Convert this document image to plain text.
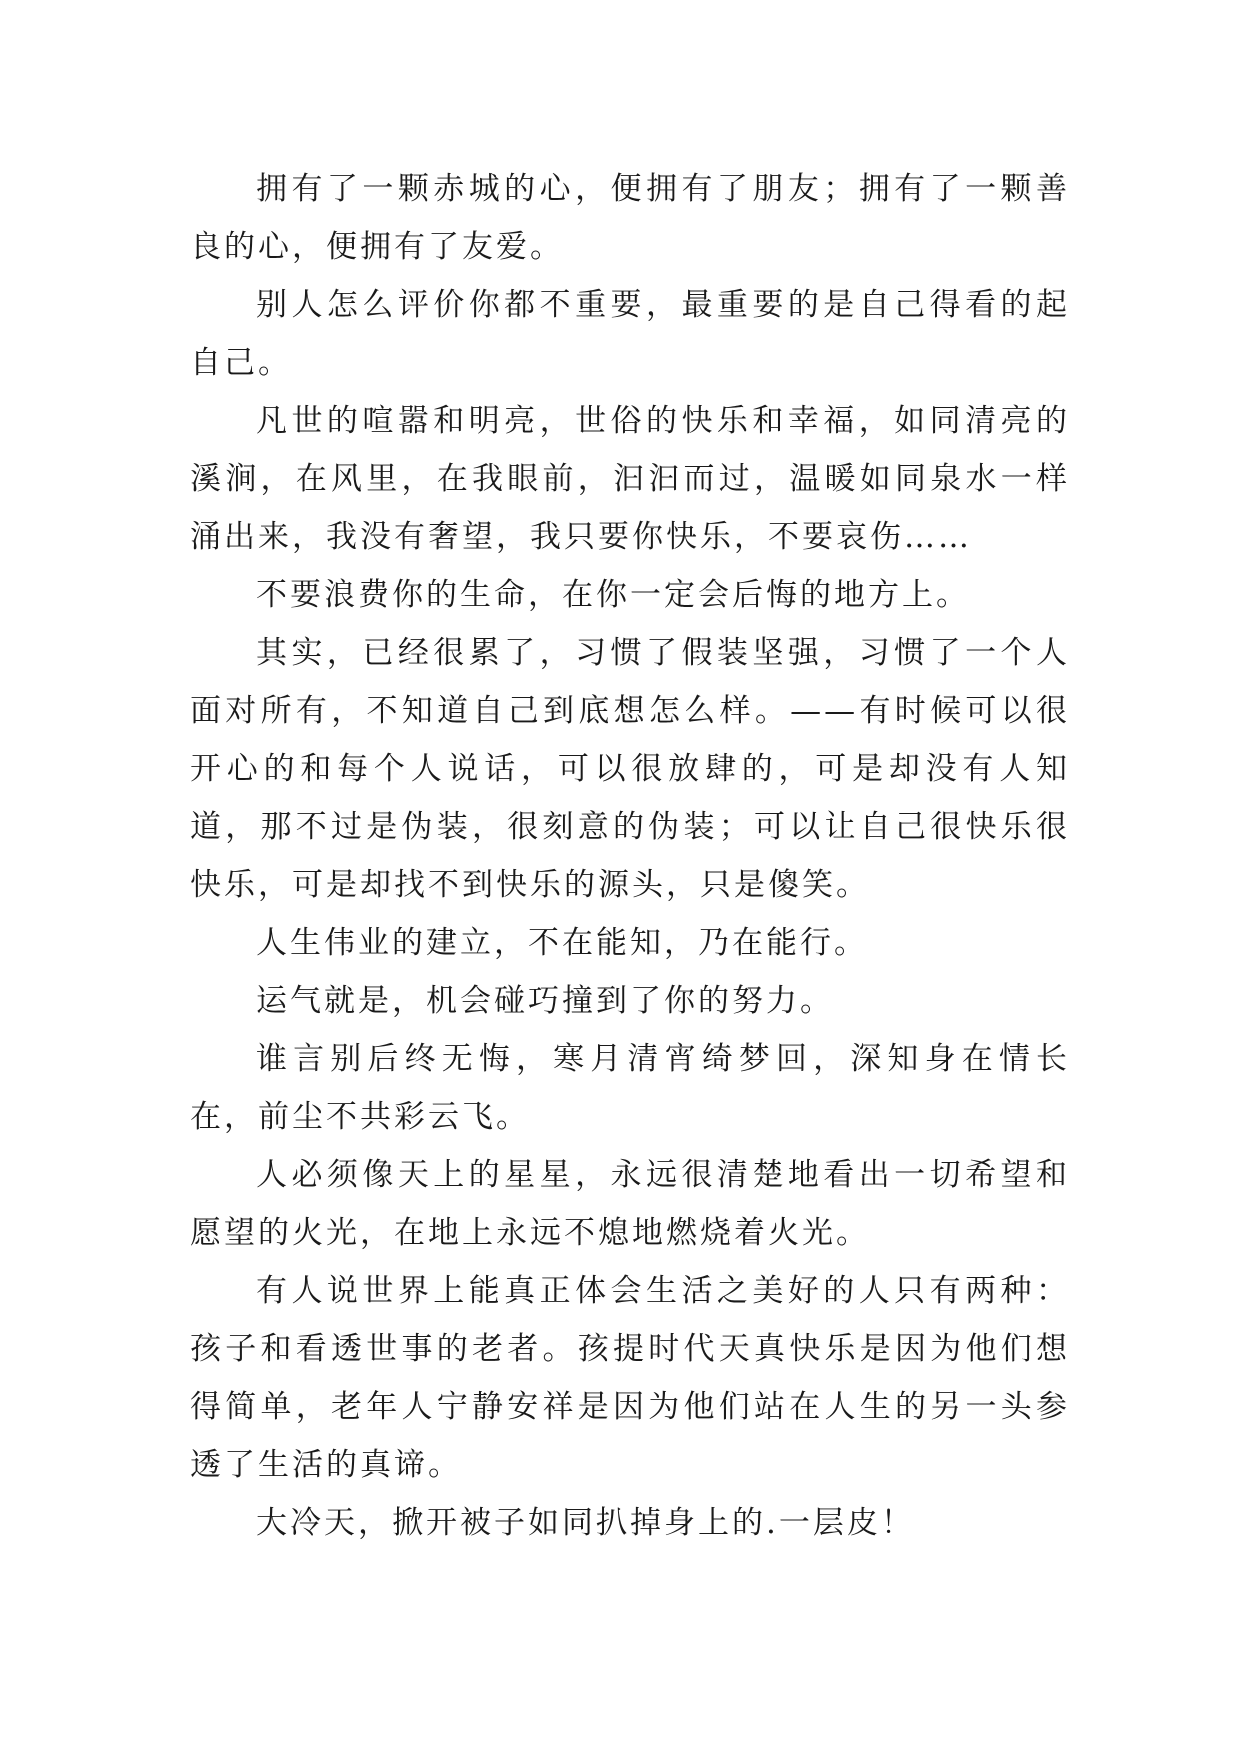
拥有了一颗赤城的心，便拥有了朋友；拥有了一颗善良的心，便拥有了友爱。

别人怎么评价你都不重要，最重要的是自己得看的起自己。

凡世的喧嚣和明亮，世俗的快乐和幸福，如同清亮的溪涧，在风里，在我眼前，汩汩而过，温暖如同泉水一样涌出来，我没有奢望，我只要你快乐，不要哀伤……

不要浪费你的生命，在你一定会后悔的地方上。

其实，已经很累了，习惯了假装坚强，习惯了一个人面对所有，不知道自己到底想怎么样。——有时候可以很开心的和每个人说话，可以很放肆的，可是却没有人知道，那不过是伪装，很刻意的伪装；可以让自己很快乐很快乐，可是却找不到快乐的源头，只是傻笑。

人生伟业的建立，不在能知，乃在能行。

运气就是，机会碰巧撞到了你的努力。

谁言别后终无悔，寒月清宵绮梦回，深知身在情长在，前尘不共彩云飞。

人必须像天上的星星，永远很清楚地看出一切希望和愿望的火光，在地上永远不熄地燃烧着火光。

有人说世界上能真正体会生活之美好的人只有两种：孩子和看透世事的老者。孩提时代天真快乐是因为他们想得简单，老年人宁静安祥是因为他们站在人生的另一头参透了生活的真谛。

大冷天，掀开被子如同扒掉身上的.一层皮！
